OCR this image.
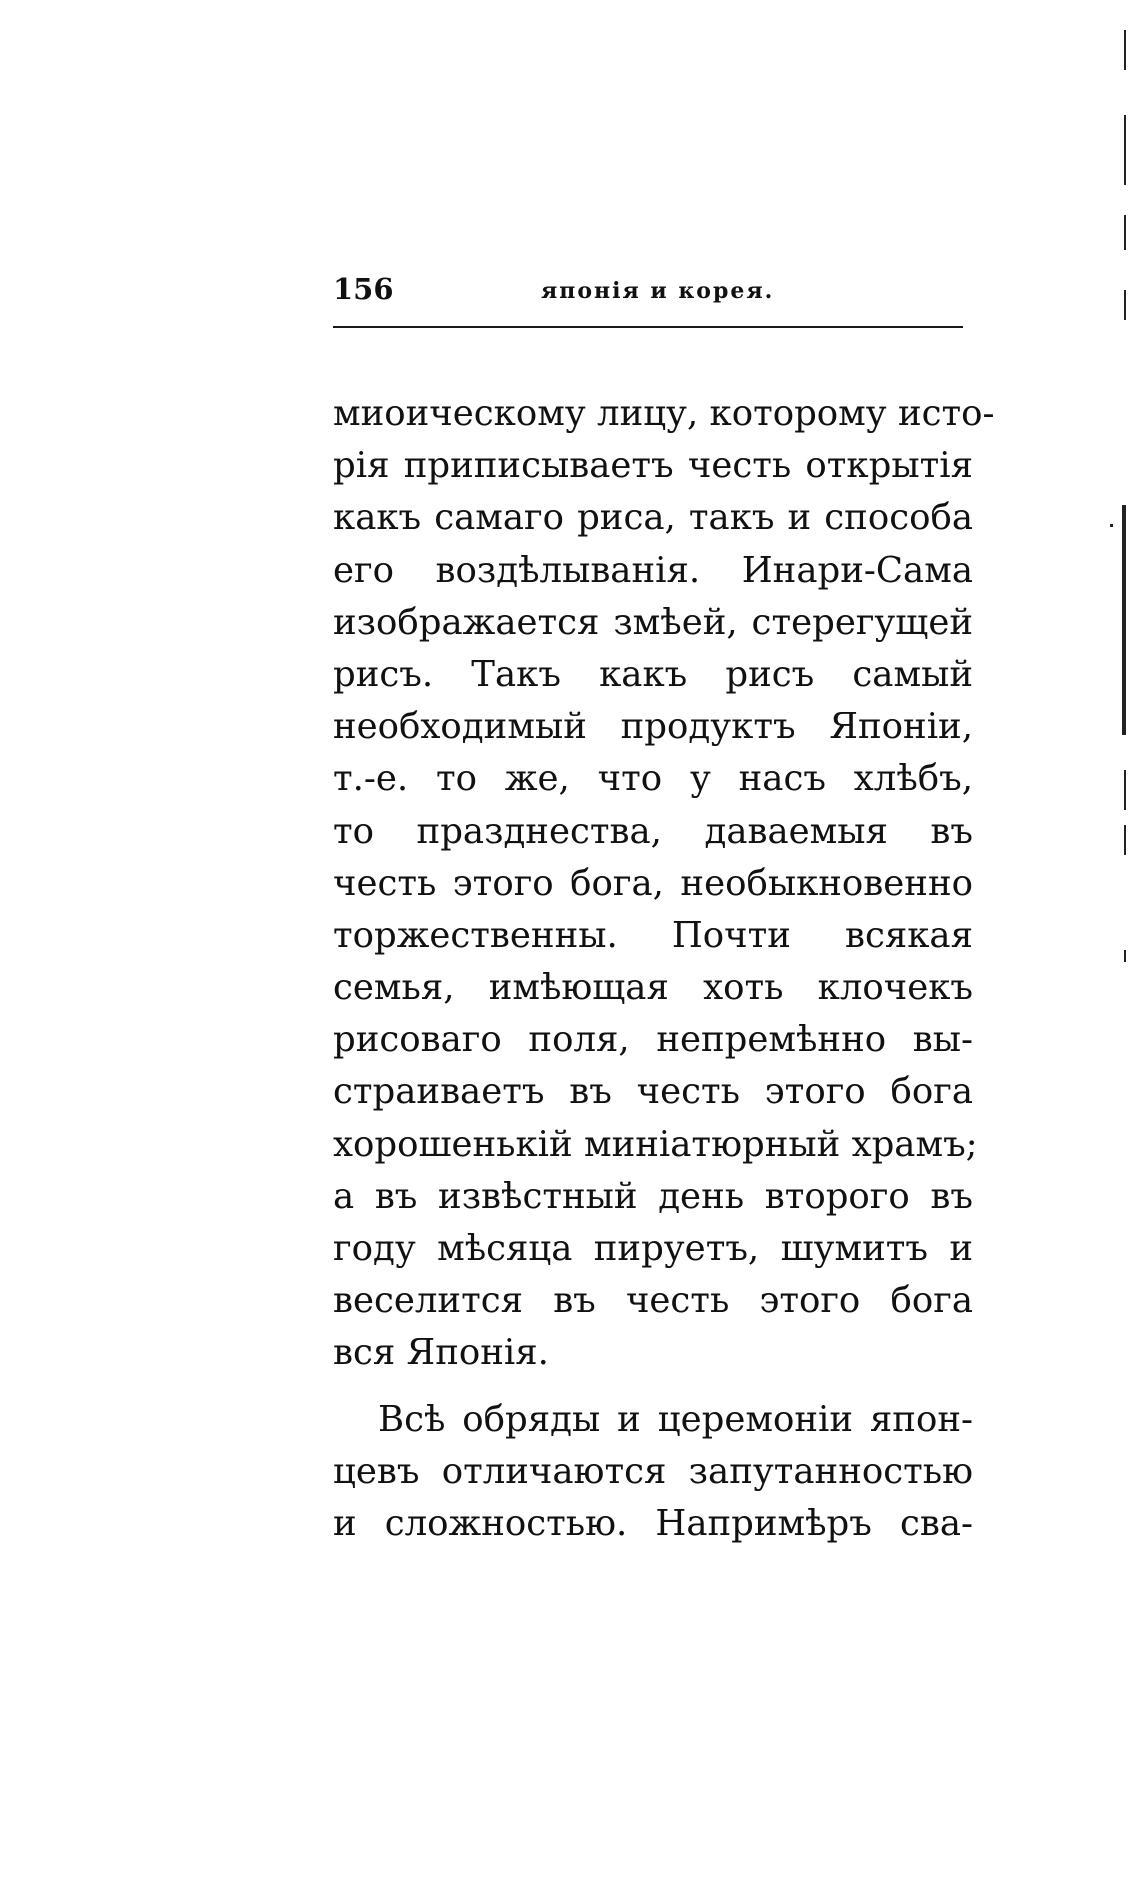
156	японія и корея.
миоическому лицу, которому исто-
рія приписываетъ честь открытія
какъ самаго риса, такъ и способа
его воздѣлыванія. Инари-Сама
изображается змѣей, стерегущей
рисъ. Такъ какъ рисъ самый
необходимый продуктъ Японіи,
т.-е. то же, что у насъ хлѣбъ,
то празднества, даваемыя въ
честь этого бога, необыкновенно
торжественны. Почти всякая
семья, имѣющая хоть клочекъ
рисоваго поля, непремѣнно вы-
страиваетъ въ честь этого бога
хорошенькій миніатюрный храмъ;
а въ извѣстный день второго въ
году мѣсяца пируетъ, шумитъ и
веселится въ честь этого бога
вся Японія.
Всѣ обряды и церемоніи япон-
цевъ отличаются запутанностью
и сложностью. Напримѣръ сва-
